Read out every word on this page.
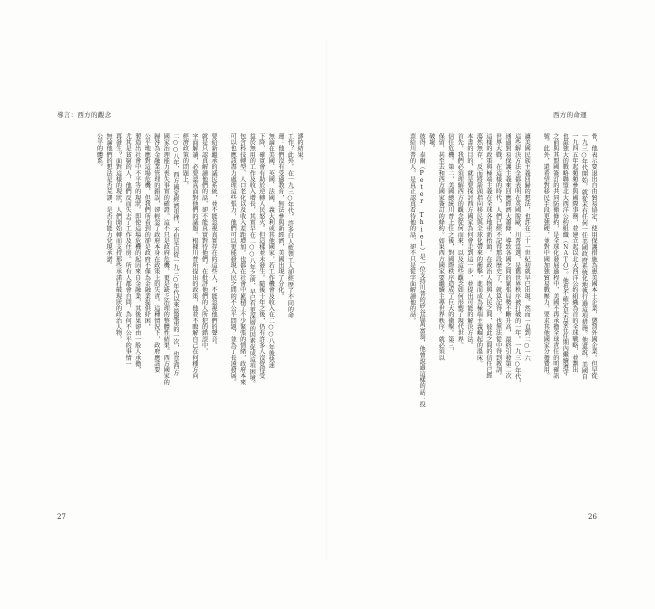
導言：西方的觀念
謬的結果。
工作？此外，在一九三○年代，許多白人藍領工人卻經歷了不同的命
運：他們沒有受過教育，無法參與新經濟，美國出現了分化。
無論在美國、英國、法國、義大利或其他國家，若工作機會及收入在二○○八年後快速
下降，確實會有助於逆轉人民怒火。但這樣並未發生。隨後十年之後，仍有許多人沒覺得受
益於無用的工作及收入增長，其實早在二○○八年之前，早已有更深層的因素促成這項困境。
包含科技轉型、人口老化以及收入差距增加。也都在社會中累積了不少緊張的情緒，政府本來
可以也應該盡力處理這些張力，他們可以更能發現人民之間的不公平問題，並為了長遠發展。
要給新繼承的議民系統，並不能忽視真實存在的這些人，不能忽視他們的聲音。
就是只認真解讀他們的話，卻不能真實對待他們。在批評他們的人所犯的錯誤中，
字面解讀，必要認真面對他們的議題。根據川普所提出的政策，他並不瞭解自己在何種方向
經濟政策的問題上，
二○○八年，西方國家經濟重挫，不但是自從一九三○年代以來最嚴重的一次，也是西方
國家治理能力喪失事實的確證。這不只是政府危機，更是缺乏治理的整體性結果。西方國家的
歸咎為金融業管理的錯誤，卻輕忽了政府本身在政策上的失責。這種情況下，政府應該要
公平地應對這場危機，但我們所看到的卻是政府不僅為金融業提供紓困，
製造出社會中不平等的現狀。即使這場危機的起因來自金融業，其後果卻由一般人承擔，
尤其是貧窮的人，他們反而失去了工作及住房。所有人都會自問，為何不公平的事情一
再發生？面對這樣的現狀，人們開始轉而支持那些承諾打破現狀的政治人物，
無論他們的想法是否荒謬，是否有能力兌現承諾。
公平的體系。
27
西方的命運
骨，他表示要退出自由貿易協定，使用保護措施為惠美國本土企業，懲罰外國企業。但早從
一九三○年代開始，就從未有任何一任美國政府系統化地執行過這項措施。他還說，美國自
一九四五年起頻頻參與國際事務，並建立起以北大西洋公約組織為首的全球戰略，並劃出
也最強大的戰略聯盟北大西洋公約組織（ＮＡＴＯ）。他也不確定是否要在任期內繼續遵守
之前與其盟國簽訂的共同防衛條約，是全球化發展過程中，美國不再承擔全球責任的明確訊
號。此外，還希望對移民手段更強硬，並對中國加強貿易戰壓力，要求其他國家分擔費用。
讓美國民族主義回歸的想法，也許在二十一世紀初就早已出現。然而一直到二○一六
這些解決方法全都表明在英國脫歐、川普當選，是舊世界秩序被打破的一年。一九三○年代，
通過貿易保護主義來回應經濟大蕭條，導致各國之間的緊張局勢不斷升高，最終引發第二次
世界大戰。在這樣的時代，人們已經不記得那段歷史了，就算記得，也無法從中得到教訓。
這樣的政策與極端主義在全球各地重新抬頭。在政治人物與人民之間，彼此之間的信任已經
蕩然無存，反而將箭頭指向移民與全球化帶來的衝擊，進而成為極端主義崛起的溫床。
本書的目的，就是要探討西方國家為何會走到這一步，並提出可能的解決方法。
首先，我們必須理解西方的觀念從何而來，以及這些觀念如何形塑了現代世界。
信任危機。第二，美國總統川普上任之後，對國際秩序造成了巨大的衝擊。第三，
保留，甚至去和西方國家簽訂的條約。如果西方國家要繼續主導世界秩序，就必須以
破壞。
彼得．泰爾（Peter Thiel）是一位支持川普的矽谷億萬富翁，他曾說過這樣的話：投
票給川普的人，是真正認真看待他的話，卻不只是從字面解讀他的話。
26
